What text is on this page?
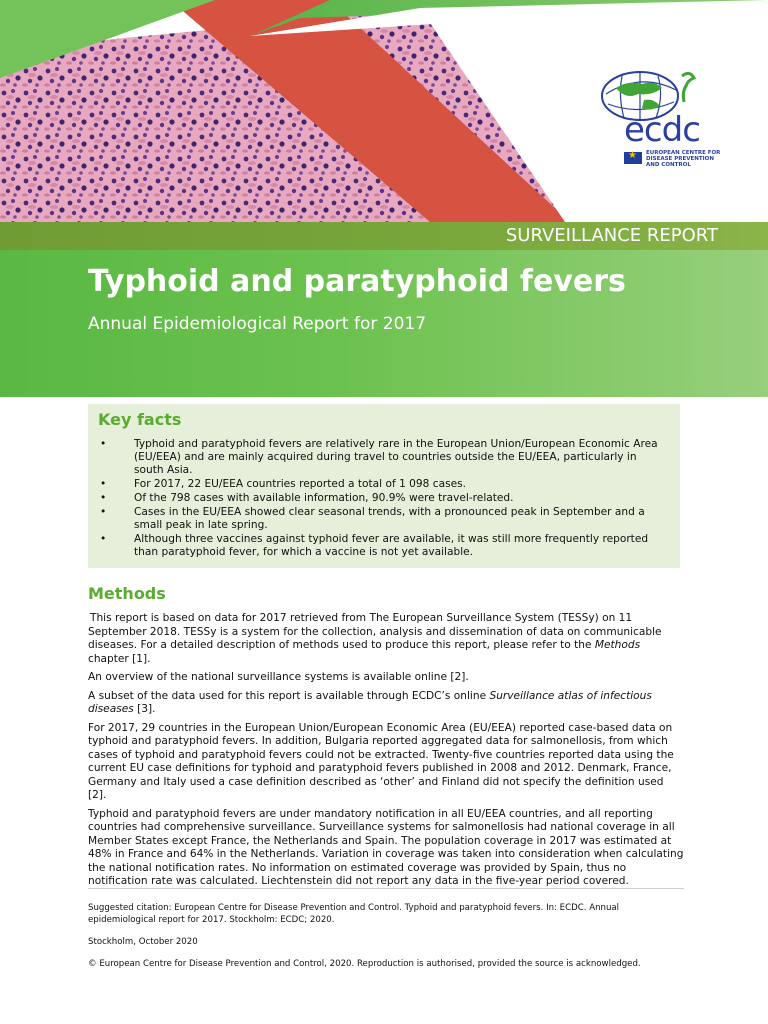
ecdc
★
EUROPEAN CENTRE FOR DISEASE PREVENTION AND CONTROL
SURVEILLANCE REPORT
Typhoid and paratyphoid fevers
Annual Epidemiological Report for 2017
Key facts
• Typhoid and paratyphoid fevers are relatively rare in the European Union/European Economic Area (EU/EEA) and are mainly acquired during travel to countries outside the EU/EEA, particularly in south Asia.
• For 2017, 22 EU/EEA countries reported a total of 1 098 cases.
• Of the 798 cases with available information, 90.9% were travel-related.
• Cases in the EU/EEA showed clear seasonal trends, with a pronounced peak in September and a small peak in late spring.
• Although three vaccines against typhoid fever are available, it was still more frequently reported than paratyphoid fever, for which a vaccine is not yet available.
Methods

This report is based on data for 2017 retrieved from The European Surveillance System (TESSy) on 11 September 2018. TESSy is a system for the collection, analysis and dissemination of data on communicable diseases. For a detailed description of methods used to produce this report, please refer to the Methods chapter [1].

An overview of the national surveillance systems is available online [2].

A subset of the data used for this report is available through ECDC’s online Surveillance atlas of infectious diseases [3].

For 2017, 29 countries in the European Union/European Economic Area (EU/EEA) reported case-based data on typhoid and paratyphoid fevers. In addition, Bulgaria reported aggregated data for salmonellosis, from which cases of typhoid and paratyphoid fevers could not be extracted. Twenty-five countries reported data using the current EU case definitions for typhoid and paratyphoid fevers published in 2008 and 2012. Denmark, France, Germany and Italy used a case definition described as ‘other’ and Finland did not specify the definition used [2].

Typhoid and paratyphoid fevers are under mandatory notification in all EU/EEA countries, and all reporting countries had comprehensive surveillance. Surveillance systems for salmonellosis had national coverage in all Member States except France, the Netherlands and Spain. The population coverage in 2017 was estimated at 48% in France and 64% in the Netherlands. Variation in coverage was taken into consideration when calculating the national notification rates. No information on estimated coverage was provided by Spain, thus no notification rate was calculated. Liechtenstein did not report any data in the five-year period covered.

Suggested citation: European Centre for Disease Prevention and Control. Typhoid and paratyphoid fevers. In: ECDC. Annual epidemiological report for 2017. Stockholm: ECDC; 2020.

Stockholm, October 2020

© European Centre for Disease Prevention and Control, 2020. Reproduction is authorised, provided the source is acknowledged.
